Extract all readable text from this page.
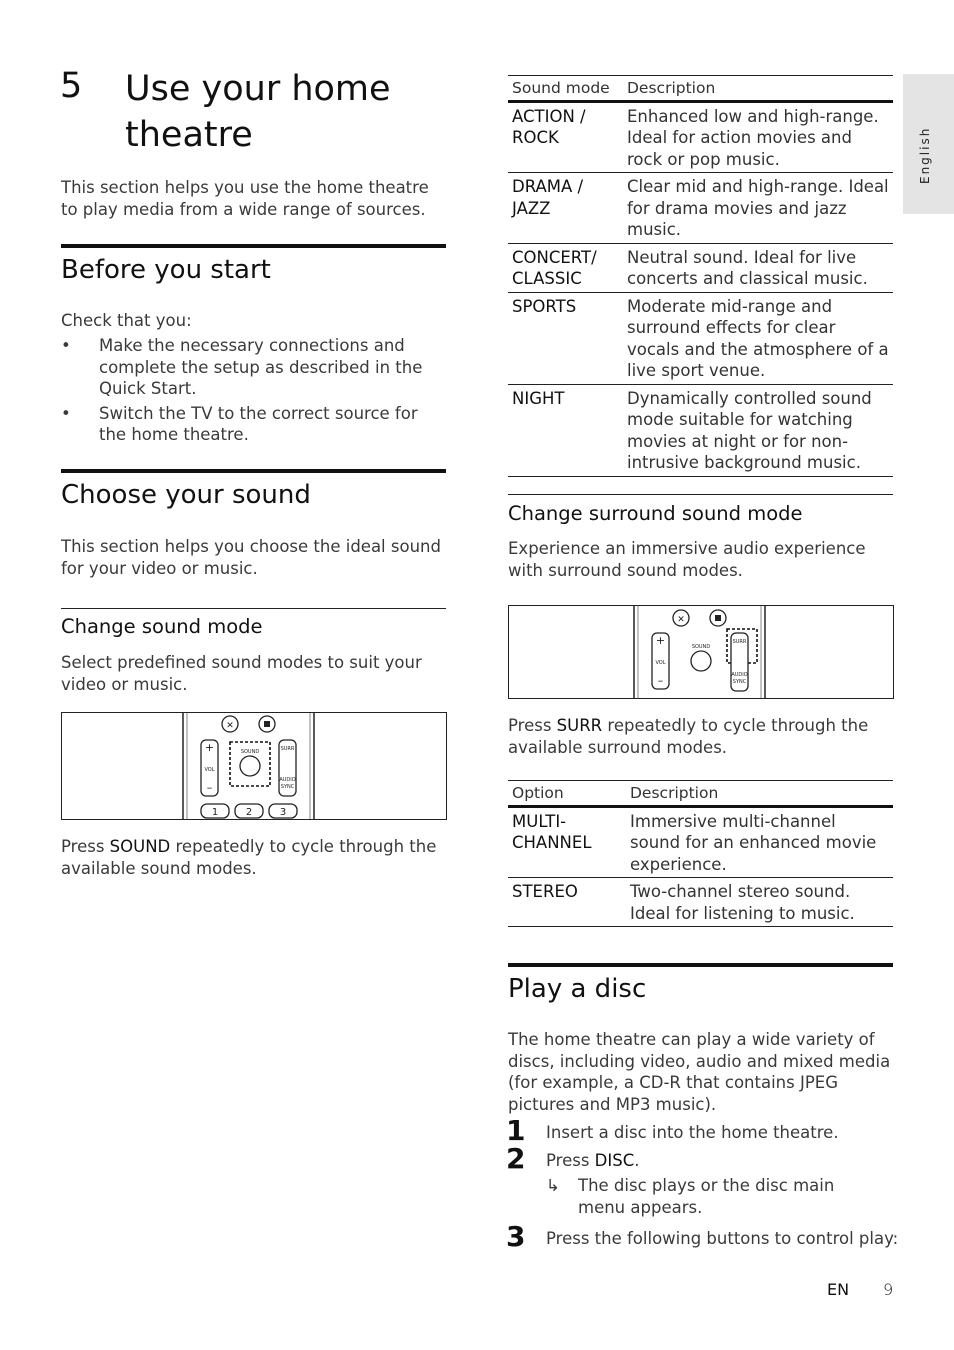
English
5 Use your home theatre
This section helps you use the home theatre to play media from a wide range of sources.
Before you start
Check that you:
• Make the necessary connections and complete the setup as described in the Quick Start.
• Switch the TV to the correct source for the home theatre.
Choose your sound
This section helps you choose the ideal sound for your video or music.
Change sound mode
Select predefined sound modes to suit your video or music.
✕
+
VOL
–
SOUND	SURR
AUDIO
SYNC
1	2	3
Press SOUND repeatedly to cycle through the available sound modes.
Sound mode	Description
ACTION / ROCK	Enhanced low and high-range. Ideal for action movies and rock or pop music.
DRAMA / JAZZ	Clear mid and high-range. Ideal for drama movies and jazz music.
CONCERT/ CLASSIC	Neutral sound. Ideal for live concerts and classical music.
SPORTS	Moderate mid-range and surround effects for clear vocals and the atmosphere of a live sport venue.
NIGHT	Dynamically controlled sound mode suitable for watching movies at night or for non-intrusive background music.
Change surround sound mode
Experience an immersive audio experience with surround sound modes.
✕
+
VOL
–
SOUND
SURR
AUDIO
SYNC
Press SURR repeatedly to cycle through the available surround modes.
Option	Description
MULTI-CHANNEL	Immersive multi-channel sound for an enhanced movie experience.
STEREO	Two-channel stereo sound. Ideal for listening to music.
Play a disc
The home theatre can play a wide variety of discs, including video, audio and mixed media (for example, a CD-R that contains JPEG pictures and MP3 music).
1 Insert a disc into the home theatre.
2 Press DISC.
↳ The disc plays or the disc main menu appears.
3 Press the following buttons to control play:
EN 9
